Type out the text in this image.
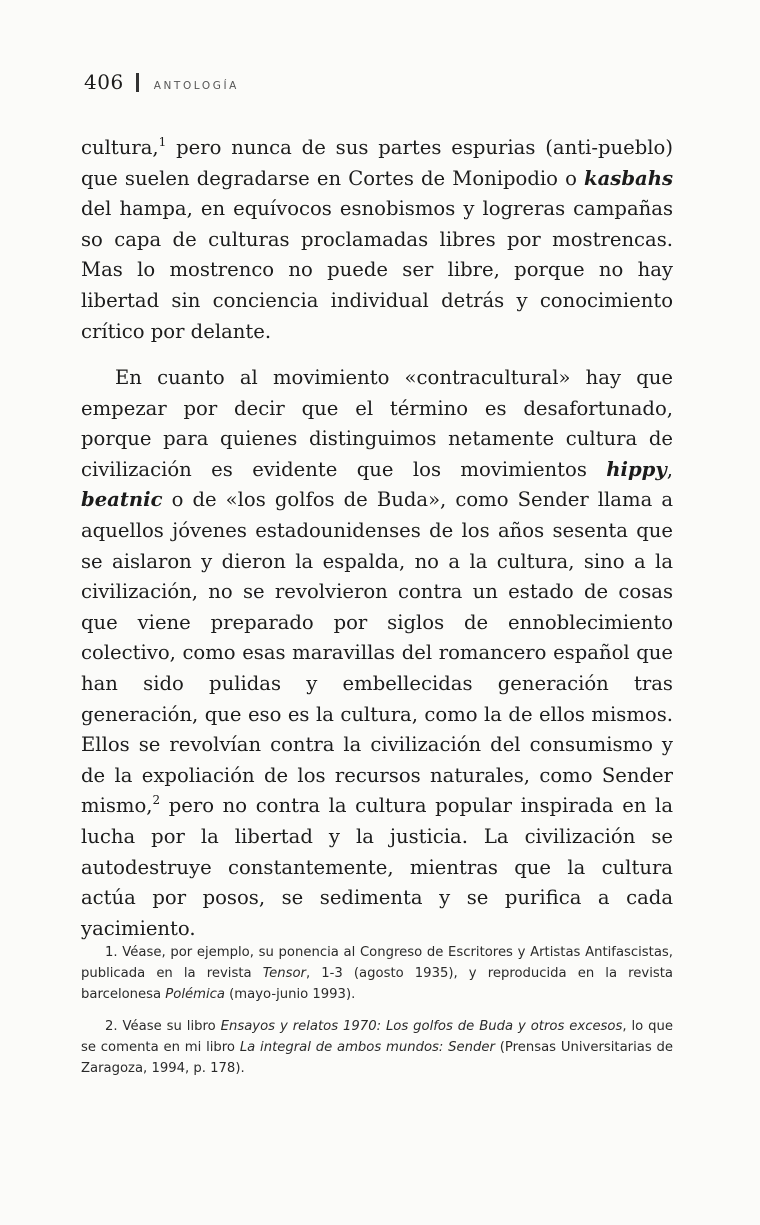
406	ANTOLOGÍA

cultura,$^1$ pero nunca de sus partes espurias (anti-pueblo) que suelen degradarse en Cortes de Monipodio o kasbahs del hampa, en equívocos esnobismos y logreras campañas so capa de culturas proclamadas libres por mostrencas. Mas lo mostrenco no puede ser libre, porque no hay libertad sin conciencia individual detrás y conocimiento crítico por delante.

En cuanto al movimiento «contracultural» hay que empezar por decir que el término es desafortunado, porque para quienes distinguimos netamente cultura de civilización es evidente que los movimientos hippy, beatnic o de «los golfos de Buda», como Sender llama a aquellos jóvenes estadounidenses de los años sesenta que se aislaron y dieron la espalda, no a la cultura, sino a la civilización, no se revolvieron contra un estado de cosas que viene preparado por siglos de ennoblecimiento colectivo, como esas maravillas del romancero español que han sido pulidas y embellecidas generación tras generación, que eso es la cultura, como la de ellos mismos. Ellos se revolvían contra la civilización del consumismo y de la expoliación de los recursos naturales, como Sender mismo,$^2$ pero no contra la cultura popular inspirada en la lucha por la libertad y la justicia. La civilización se autodestruye constantemente, mientras que la cultura actúa por posos, se sedimenta y se purifica a cada yacimiento.

1. Véase, por ejemplo, su ponencia al Congreso de Escritores y Artistas Antifascistas, publicada en la revista Tensor, 1-3 (agosto 1935), y reproducida en la revista barcelonesa Polémica (mayo-junio 1993).

2. Véase su libro Ensayos y relatos 1970: Los golfos de Buda y otros excesos, lo que se comenta en mi libro La integral de ambos mundos: Sender (Prensas Universitarias de Zaragoza, 1994, p. 178).
